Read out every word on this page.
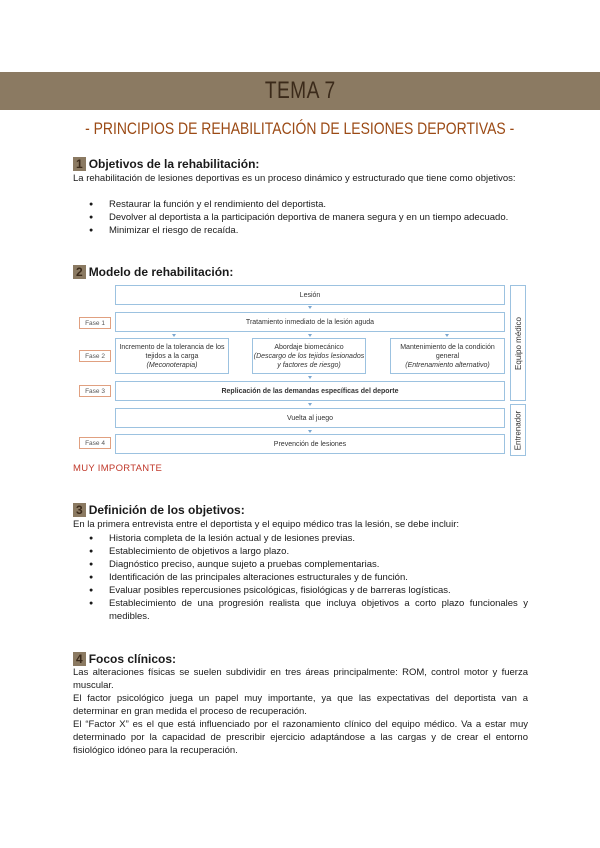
TEMA 7
- PRINCIPIOS DE REHABILITACIÓN DE LESIONES DEPORTIVAS -
1 Objetivos de la rehabilitación:
La rehabilitación de lesiones deportivas es un proceso dinámico y estructurado que tiene como objetivos:
● Restaurar la función y el rendimiento del deportista.
● Devolver al deportista a la participación deportiva de manera segura y en un tiempo adecuado.
● Minimizar el riesgo de recaída.
2 Modelo de rehabilitación:
Lesión
Fase 1	Tratamiento inmediato de la lesión aguda
Fase 2
Incremento de la tolerancia de los tejidos a la carga
(Meconoterapia)
Abordaje biomecánico
(Descargo de los tejidos lesionados y factores de riesgo)
Mantenimiento de la condición general
(Entrenamiento alternativo)
Fase 3	Replicación de las demandas específicas del deporte
Vuelta al juego
Fase 4	Prevención de lesiones
Equipo médico
Entrenador
MUY IMPORTANTE
3 Definición de los objetivos:
En la primera entrevista entre el deportista y el equipo médico tras la lesión, se debe incluir:
● Historia completa de la lesión actual y de lesiones previas.
● Establecimiento de objetivos a largo plazo.
● Diagnóstico preciso, aunque sujeto a pruebas complementarias.
● Identificación de las principales alteraciones estructurales y de función.
● Evaluar posibles repercusiones psicológicas, fisiológicas y de barreras logísticas.
● Establecimiento de una progresión realista que incluya objetivos a corto plazo funcionales y medibles.
4 Focos clínicos:
Las alteraciones físicas se suelen subdividir en tres áreas principalmente: ROM, control motor y fuerza muscular.
El factor psicológico juega un papel muy importante, ya que las expectativas del deportista van a determinar en gran medida el proceso de recuperación.
El “Factor X” es el que está influenciado por el razonamiento clínico del equipo médico. Va a estar muy determinado por la capacidad de prescribir ejercicio adaptándose a las cargas y de crear el entorno fisiológico idóneo para la recuperación.
